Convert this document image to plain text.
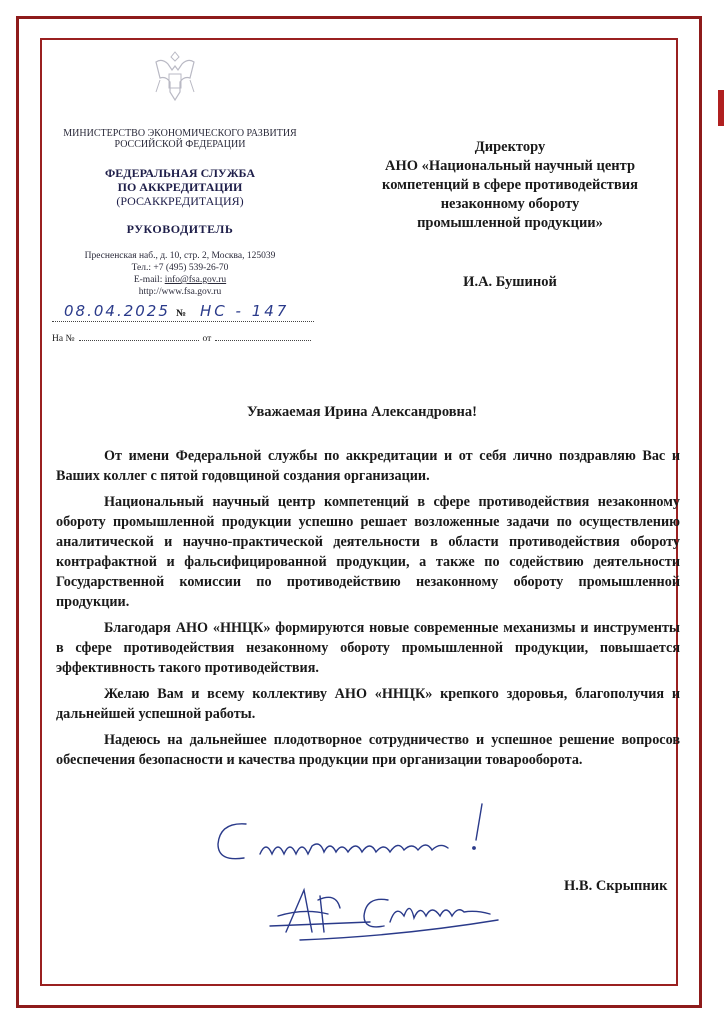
МИНИСТЕРСТВО ЭКОНОМИЧЕСКОГО РАЗВИТИЯ
РОССИЙСКОЙ ФЕДЕРАЦИИ
ФЕДЕРАЛЬНАЯ СЛУЖБА
ПО АККРЕДИТАЦИИ
(РОСАККРЕДИТАЦИЯ)
РУКОВОДИТЕЛЬ
Пресненская наб., д. 10, стр. 2, Москва, 125039
Тел.: +7 (495) 539-26-70
E-mail: info@fsa.gov.ru
http://www.fsa.gov.ru
08.04.2025 № НС - 147
На №	от
Директору
АНО «Национальный научный центр
компетенций в сфере противодействия
незаконному обороту
промышленной продукции»
И.А. Бушиной
Уважаемая Ирина Александровна!

От имени Федеральной службы по аккредитации и от себя лично поздравляю Вас и Ваших коллег с пятой годовщиной создания организации.

Национальный научный центр компетенций в сфере противодействия незаконному обороту промышленной продукции успешно решает возложенные задачи по осуществлению аналитической и научно-практической деятельности в области противодействия обороту контрафактной и фальсифицированной продукции, а также по содействию деятельности Государственной комиссии по противодействию незаконному обороту промышленной продукции.

Благодаря АНО «ННЦК» формируются новые современные механизмы и инструменты в сфере противодействия незаконному обороту промышленной продукции, повышается эффективность такого противодействия.

Желаю Вам и всему коллективу АНО «ННЦК» крепкого здоровья, благополучия и дальнейшей успешной работы.

Надеюсь на дальнейшее плодотворное сотрудничество и успешное решение вопросов обеспечения безопасности и качества продукции при организации товарооборота.

Н.В. Скрыпник
